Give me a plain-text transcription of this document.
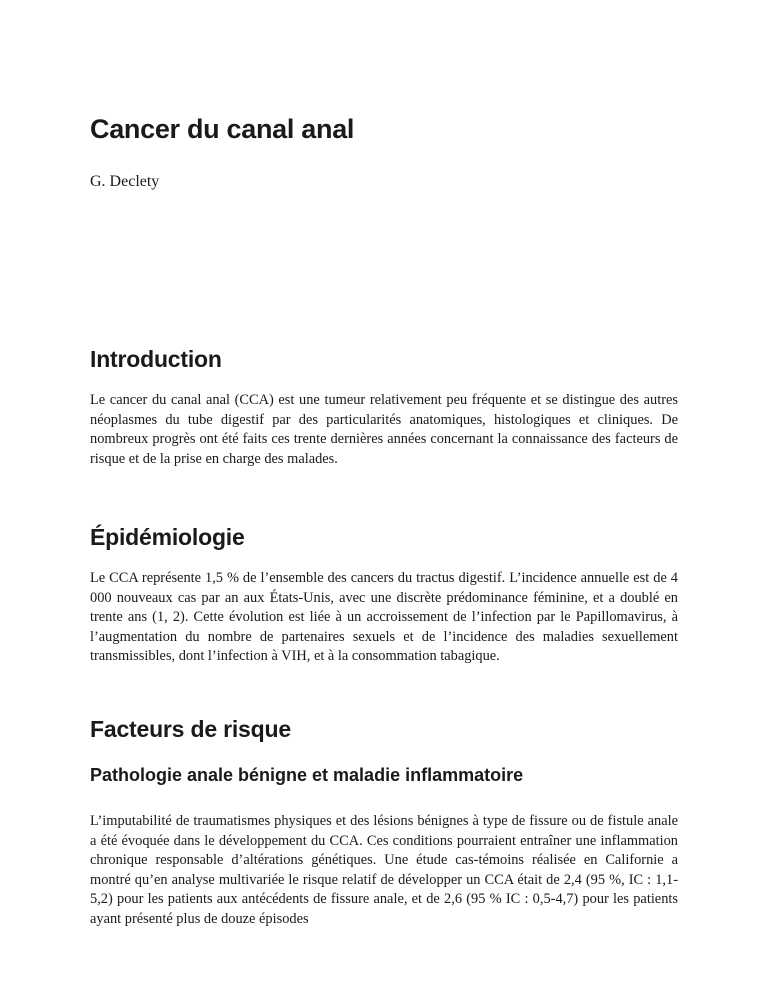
Cancer du canal anal

G. Declety

Introduction

Le cancer du canal anal (CCA) est une tumeur relativement peu fréquente et se distingue des autres néoplasmes du tube digestif par des particularités anatomiques, histologiques et cliniques. De nombreux progrès ont été faits ces trente dernières années concernant la connaissance des facteurs de risque et de la prise en charge des malades.

Épidémiologie

Le CCA représente 1,5 % de l’ensemble des cancers du tractus digestif. L’incidence annuelle est de 4 000 nouveaux cas par an aux États-Unis, avec une discrète prédominance féminine, et a doublé en trente ans (1, 2). Cette évolution est liée à un accroissement de l’infection par le Papillomavirus, à l’augmentation du nombre de partenaires sexuels et de l’incidence des maladies sexuellement transmissibles, dont l’infection à VIH, et à la consommation tabagique.

Facteurs de risque
Pathologie anale bénigne et maladie inflammatoire

L’imputabilité de traumatismes physiques et des lésions bénignes à type de fissure ou de fistule anale a été évoquée dans le développement du CCA. Ces conditions pourraient entraîner une inflammation chronique responsable d’altérations génétiques. Une étude cas-témoins réalisée en Californie a montré qu’en analyse multivariée le risque relatif de développer un CCA était de 2,4 (95 %, IC : 1,1-5,2) pour les patients aux antécédents de fissure anale, et de 2,6 (95 % IC : 0,5-4,7) pour les patients ayant présenté plus de douze épisodes
